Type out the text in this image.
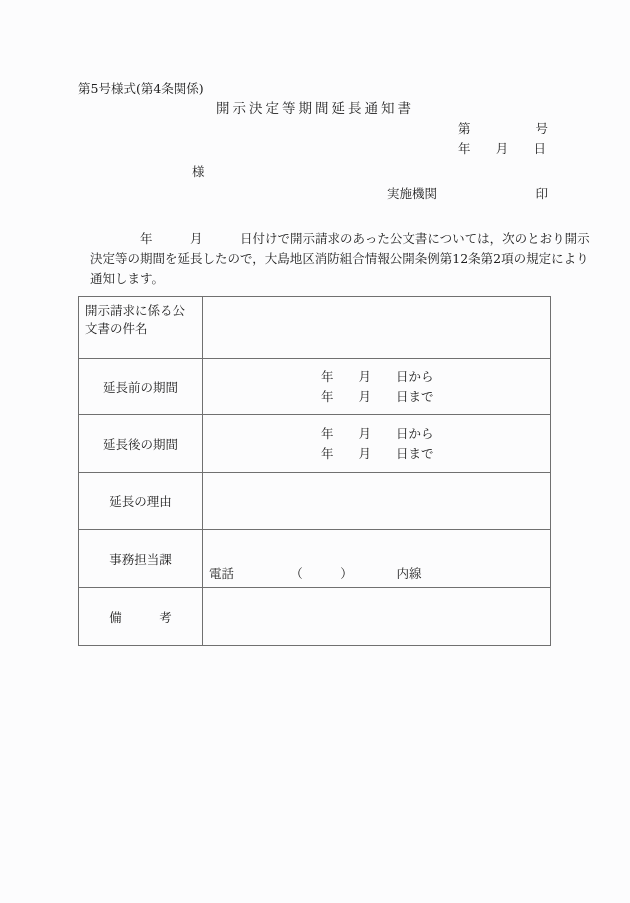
第5号様式(第4条関係)
開示決定等期間延長通知書
第	号
年 月 日
様
実施機関	印
　　　　年　　　月　　　日付けで開示請求のあった公文書については，次のとおり開示
決定等の期間を延長したので，大島地区消防組合情報公開条例第12条第2項の規定により
通知します。
開示請求に係る公文書の件名	
延長前の期間	年　　月　　日から
年　　月　　日まで

延長後の期間	年　　月　　日から
年　　月　　日まで

延長の理由	
事務担当課	電話　　　　　（　　　）　　　　内線

備　　　考	
